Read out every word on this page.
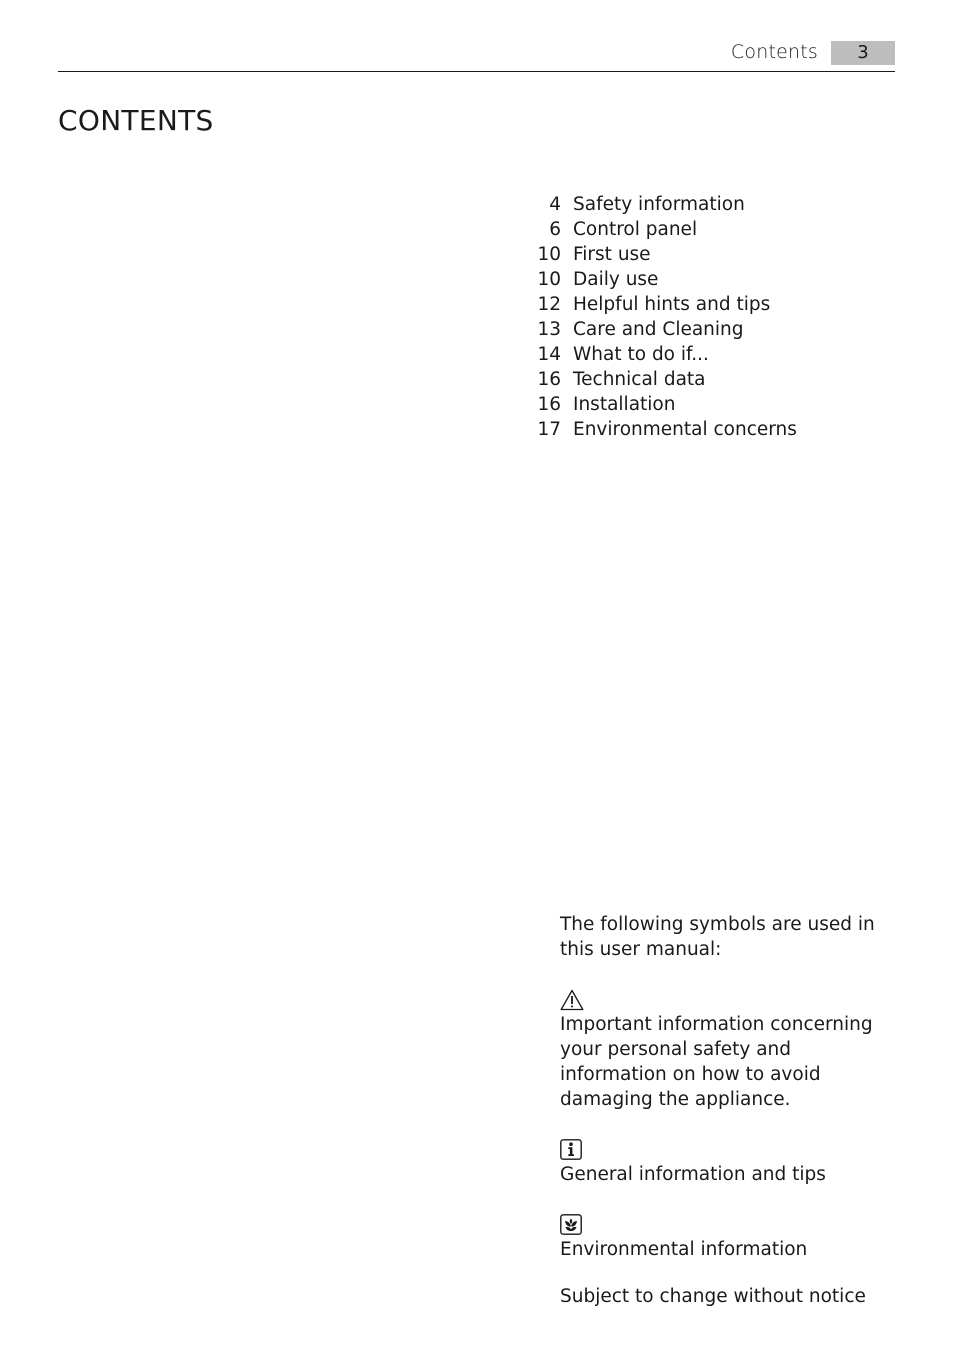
Contents	3
CONTENTS
4 Safety information
6 Control panel
10 First use
10 Daily use
12 Helpful hints and tips
13 Care and Cleaning
14 What to do if...
16 Technical data
16 Installation
17 Environmental concerns

The following symbols are used in this user manual:

Important information concerning your personal safety and information on how to avoid damaging the appliance.

General information and tips

Environmental information

Subject to change without notice
